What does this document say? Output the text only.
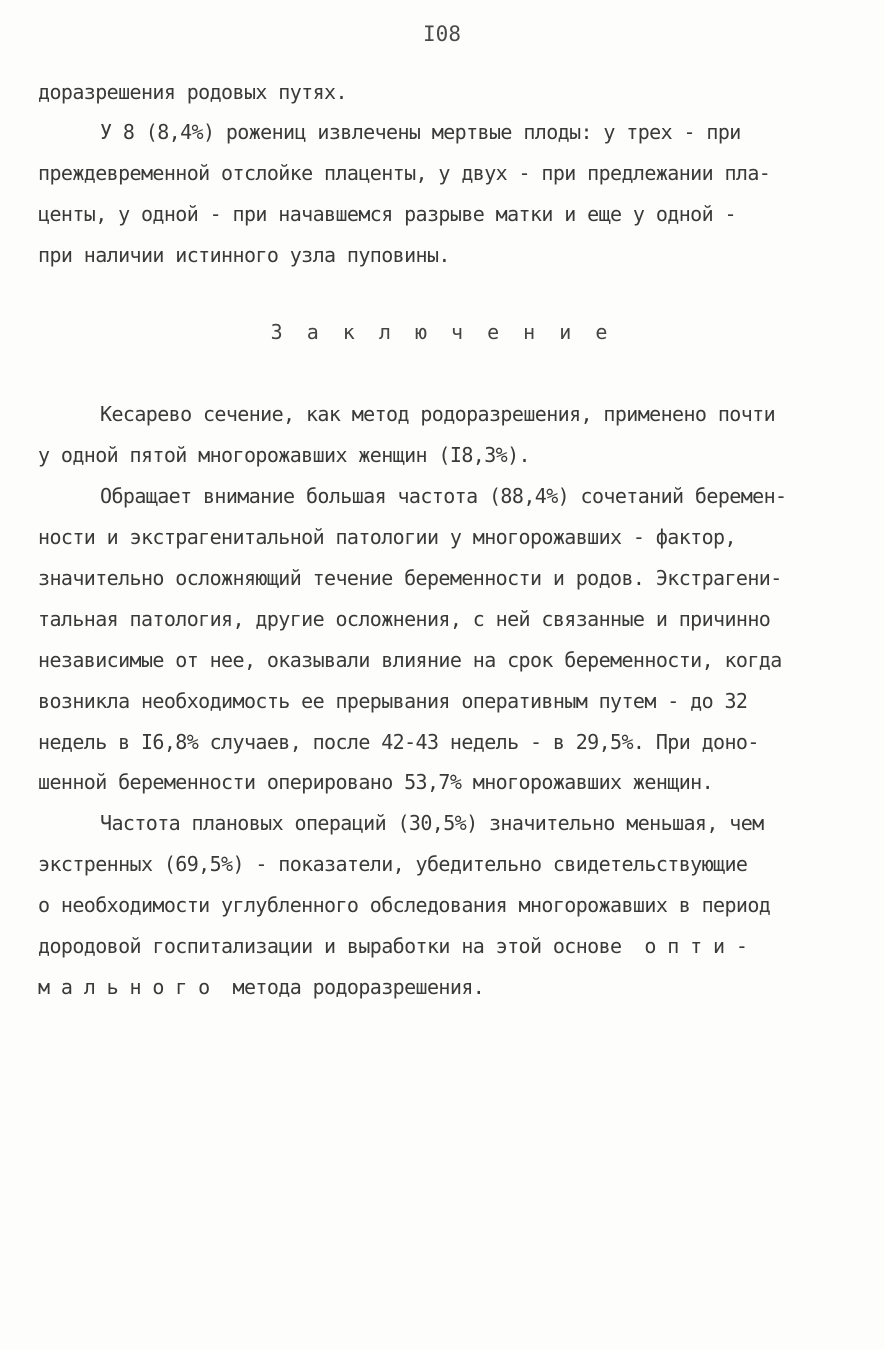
I08
доразрешения родовых путях.
У 8 (8,4%) рожениц извлечены мертвые плоды: у трех - при
преждевременной отслойке плаценты, у двух - при предлежании пла-
центы, у одной - при начавшемся разрыве матки и еще у одной -
при наличии истинного узла пуповины.
З а к л ю ч е н и е
Кесарево сечение, как метод родоразрешения, применено почти
у одной пятой многорожавших женщин (I8,3%).
Обращает внимание большая частота (88,4%) сочетаний беремен-
ности и экстрагенитальной патологии у многорожавших - фактор,
значительно осложняющий течение беременности и родов. Экстрагени-
тальная патология, другие осложнения, с ней связанные и причинно
независимые от нее, оказывали влияние на срок беременности, когда
возникла необходимость ее прерывания оперативным путем - до 32
недель в I6,8% случаев, после 42-43 недель - в 29,5%. При доно-
шенной беременности оперировано 53,7% многорожавших женщин.
Частота плановых операций (30,5%) значительно меньшая, чем
экстренных (69,5%) - показатели, убедительно свидетельствующие
о необходимости углубленного обследования многорожавших в период
дородовой госпитализации и выработки на этой основе  о п т и -
м а л ь н о г о  метода родоразрешения.
